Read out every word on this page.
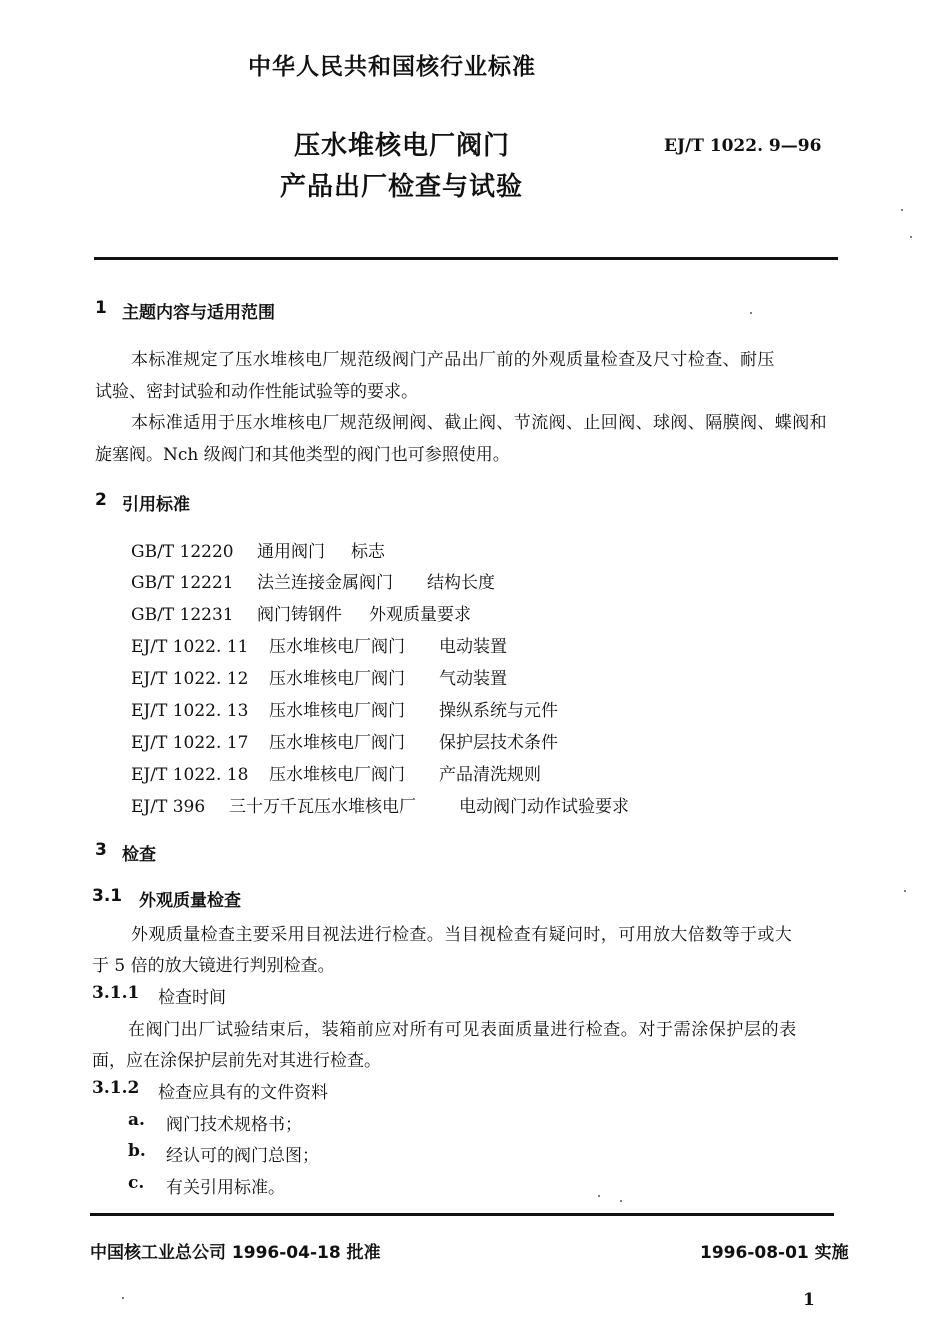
中华人民共和国核行业标准
压水堆核电厂阀门
产品出厂检查与试验
EJ/T 1022. 9—96
1 主题内容与适用范围
本标准规定了压水堆核电厂规范级阀门产品出厂前的外观质量检查及尺寸检查、耐压
试验、密封试验和动作性能试验等的要求。
本标准适用于压水堆核电厂规范级闸阀、截止阀、节流阀、止回阀、球阀、隔膜阀、蝶阀和
旋塞阀。Nch 级阀门和其他类型的阀门也可参照使用。
2 引用标准
GB/T 12220 通用阀门 标志
GB/T 12221 法兰连接金属阀门 结构长度
GB/T 12231 阀门铸钢件 外观质量要求
EJ/T 1022. 11 压水堆核电厂阀门 电动装置
EJ/T 1022. 12 压水堆核电厂阀门 气动装置
EJ/T 1022. 13 压水堆核电厂阀门 操纵系统与元件
EJ/T 1022. 17 压水堆核电厂阀门 保护层技术条件
EJ/T 1022. 18 压水堆核电厂阀门 产品清洗规则
EJ/T 396 三十万千瓦压水堆核电厂	电动阀门动作试验要求
3 检查
3.1 外观质量检查
外观质量检查主要采用目视法进行检查。当目视检查有疑问时，可用放大倍数等于或大
于 5 倍的放大镜进行判别检查。
3.1.1 检查时间
在阀门出厂试验结束后，装箱前应对所有可见表面质量进行检查。对于需涂保护层的表
面，应在涂保护层前先对其进行检查。
3.1.2 检查应具有的文件资料
a. 阀门技术规格书；
b. 经认可的阀门总图；
c. 有关引用标准。
中国核工业总公司 1996-04-18 批准	1996-08-01 实施
1
